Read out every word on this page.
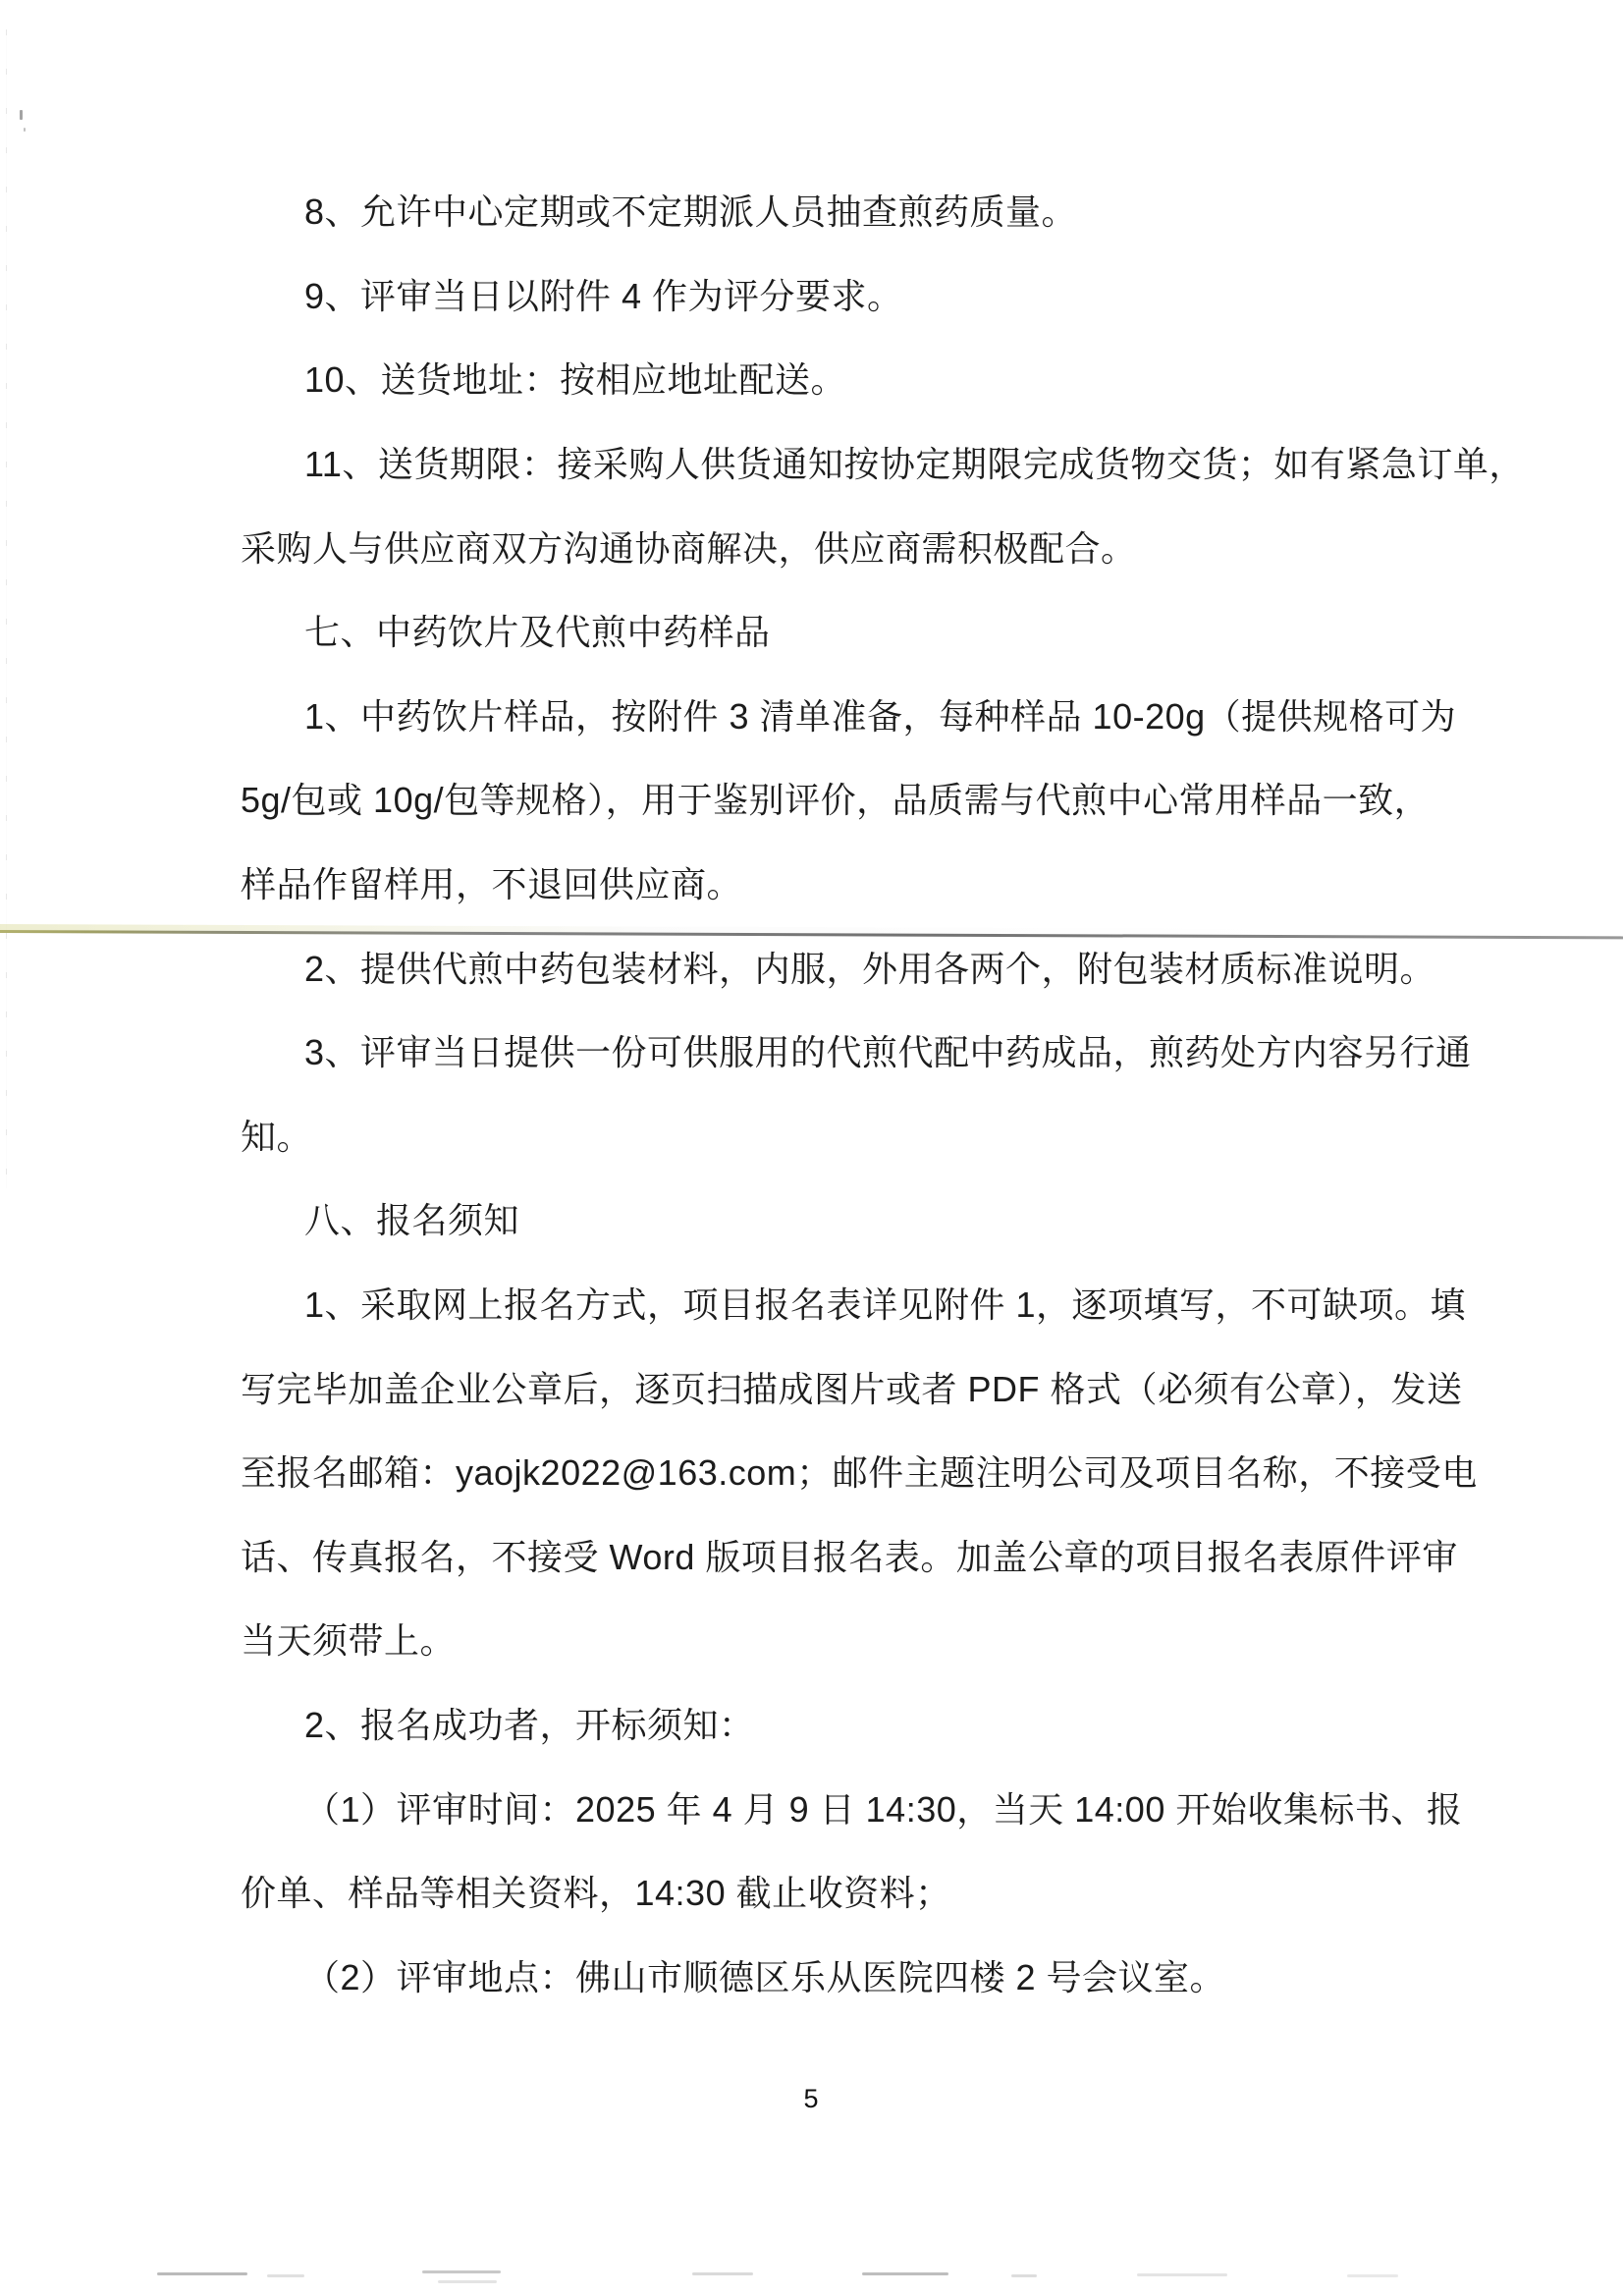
8、允许中心定期或不定期派人员抽查煎药质量。
9、评审当日以附件 4 作为评分要求。
10、送货地址：按相应地址配送。
11、送货期限：接采购人供货通知按协定期限完成货物交货；如有紧急订单，
采购人与供应商双方沟通协商解决，供应商需积极配合。
七、中药饮片及代煎中药样品
1、中药饮片样品，按附件 3 清单准备，每种样品 10-20g（提供规格可为
5g/包或 10g/包等规格），用于鉴别评价，品质需与代煎中心常用样品一致，
样品作留样用，不退回供应商。
2、提供代煎中药包装材料，内服，外用各两个，附包装材质标准说明。
3、评审当日提供一份可供服用的代煎代配中药成品，煎药处方内容另行通
知。
八、报名须知
1、采取网上报名方式，项目报名表详见附件 1，逐项填写，不可缺项。填
写完毕加盖企业公章后，逐页扫描成图片或者 PDF 格式（必须有公章），发送
至报名邮箱：yaojk2022@163.com；邮件主题注明公司及项目名称，不接受电
话、传真报名，不接受 Word 版项目报名表。加盖公章的项目报名表原件评审
当天须带上。
2、报名成功者，开标须知：
（1）评审时间：2025 年 4 月 9 日 14:30，当天 14:00 开始收集标书、报
价单、样品等相关资料，14:30 截止收资料；
（2）评审地点：佛山市顺德区乐从医院四楼 2 号会议室。
5
